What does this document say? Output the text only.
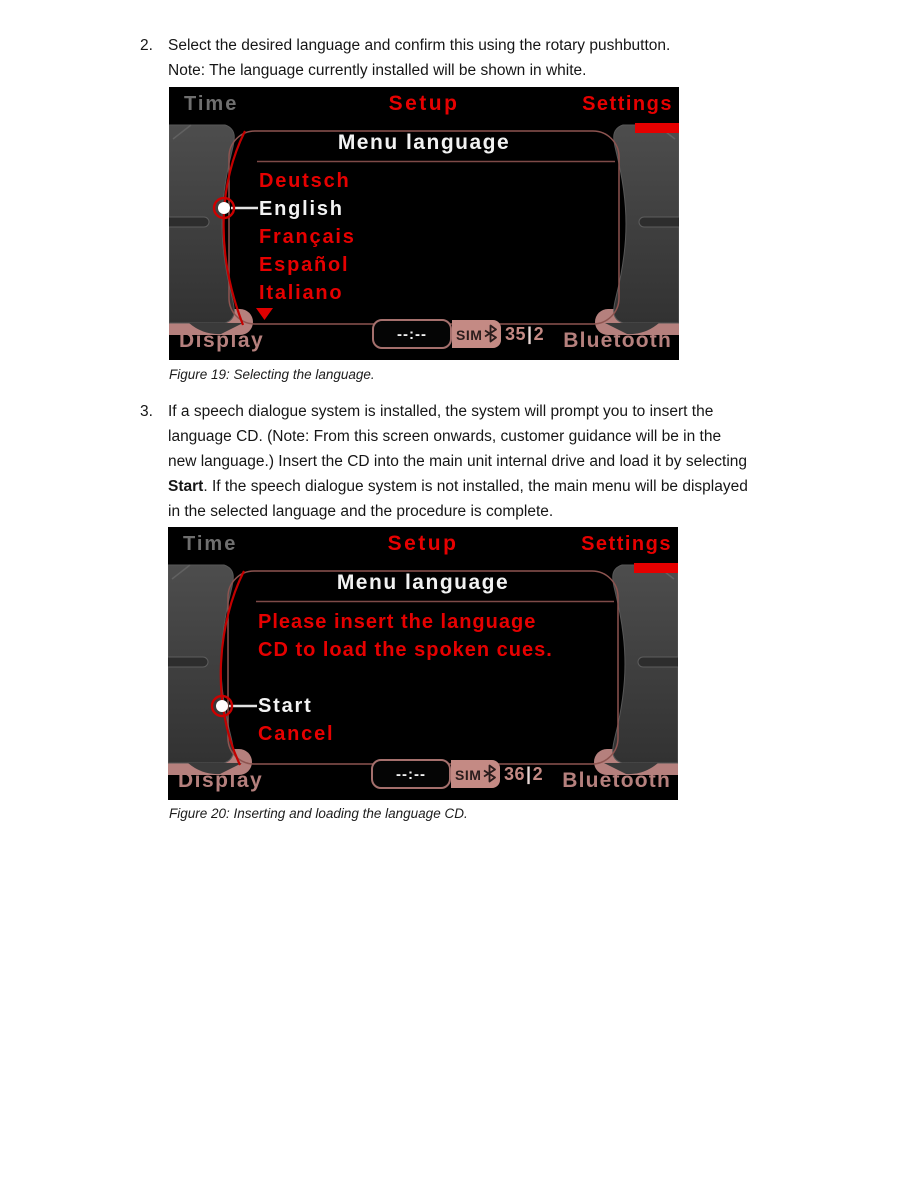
2. Select the desired language and confirm this using the rotary pushbutton.
Note: The language currently installed will be shown in white.
Time	Setup	Settings
Menu language
Deutsch
English
Français
Español
Italiano
Display	Bluetooth
--:--	SIM 35|2
Figure 19: Selecting the language.
3. If a speech dialogue system is installed, the system will prompt you to insert the
language CD. (Note: From this screen onwards, customer guidance will be in the
new language.) Insert the CD into the main unit internal drive and load it by selecting
Start. If the speech dialogue system is not installed, the main menu will be displayed
in the selected language and the procedure is complete.
Time	Setup	Settings
Menu language
Please insert the language
CD to load the spoken cues.
Start
Cancel
Display	Bluetooth
--:--	SIM 36|2
Figure 20: Inserting and loading the language CD.
